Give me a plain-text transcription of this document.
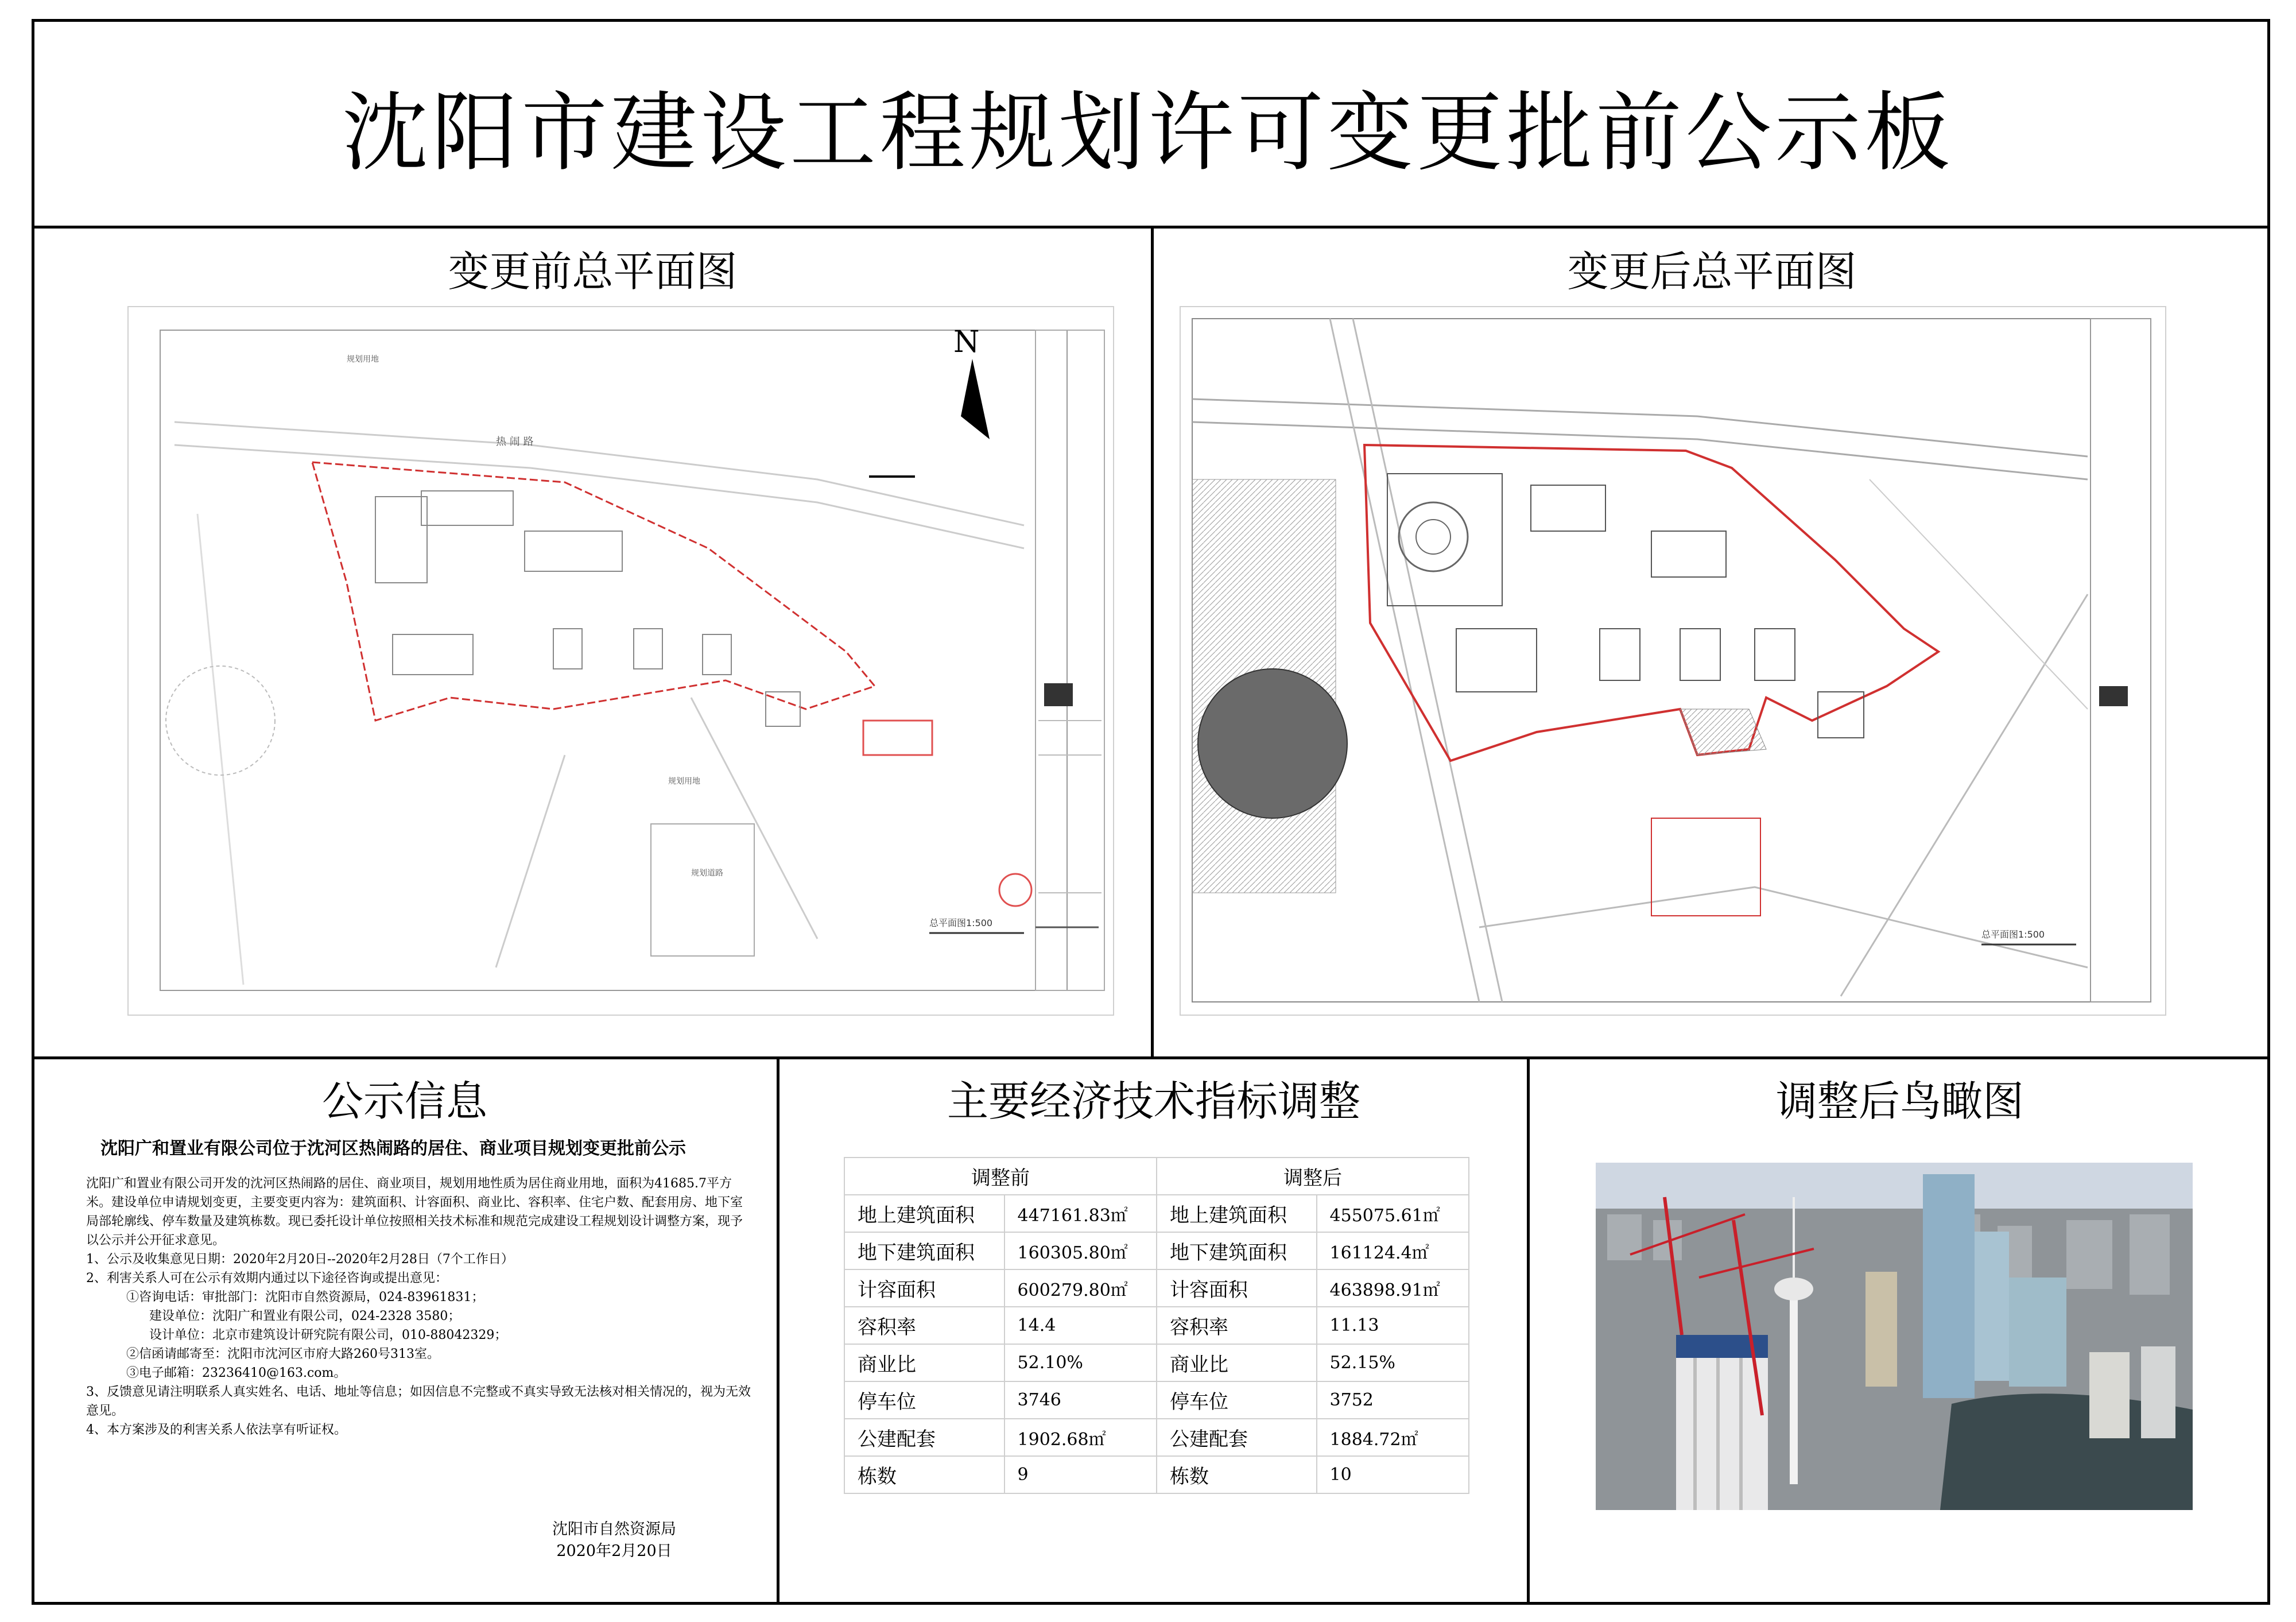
沈阳市建设工程规划许可变更批前公示板
变更前总平面图
N
热 闹 路
规划用地
规划用地
规划道路
总平面图1:500
变更后总平面图
总平面图1:500
公示信息
沈阳广和置业有限公司位于沈河区热闹路的居住、商业项目规划变更批前公示

沈阳广和置业有限公司开发的沈河区热闹路的居住、商业项目，规划用地性质为居住商业用地，面积为41685.7平方米。建设单位申请规划变更，主要变更内容为：建筑面积、计容面积、商业比、容积率、住宅户数、配套用房、地下室局部轮廓线、停车数量及建筑栋数。现已委托设计单位按照相关技术标准和规范完成建设工程规划设计调整方案，现予以公示并公开征求意见。

1、公示及收集意见日期：2020年2月20日--2020年2月28日（7个工作日）

2、利害关系人可在公示有效期内通过以下途径咨询或提出意见：

①咨询电话：审批部门：沈阳市自然资源局，024-83961831；

建设单位：沈阳广和置业有限公司，024-2328 3580；

设计单位：北京市建筑设计研究院有限公司，010-88042329；

②信函请邮寄至：沈阳市沈河区市府大路260号313室。

③电子邮箱：23236410@163.com。

3、反馈意见请注明联系人真实姓名、电话、地址等信息；如因信息不完整或不真实导致无法核对相关情况的，视为无效意见。

4、本方案涉及的利害关系人依法享有听证权。

沈阳市自然资源局
2020年2月20日
主要经济技术指标调整
调整前		调整后	
地上建筑面积	447161.83㎡	地上建筑面积	455075.61㎡
地下建筑面积	160305.80㎡	地下建筑面积	161124.4㎡
计容面积	600279.80㎡	计容面积	463898.91㎡
容积率	14.4	容积率	11.13
商业比	52.10%	商业比	52.15%
停车位	3746	停车位	3752
公建配套	1902.68㎡	公建配套	1884.72㎡
栋数	9	栋数	10
调整后鸟瞰图
